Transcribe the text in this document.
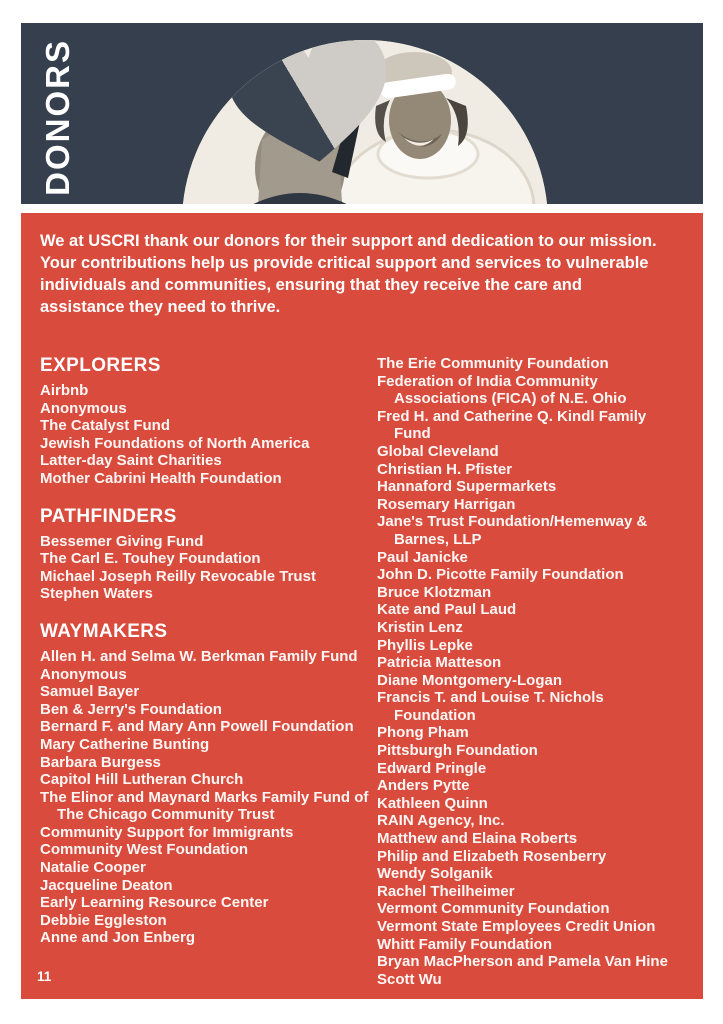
DONORS

We at USCRI thank our donors for their support and dedication to our mission. Your contributions help us provide critical support and services to vulnerable individuals and communities, ensuring that they receive the care and assistance they need to thrive.

EXPLORERS
Airbnb
Anonymous
The Catalyst Fund
Jewish Foundations of North America
Latter-day Saint Charities
Mother Cabrini Health Foundation
PATHFINDERS
Bessemer Giving Fund
The Carl E. Touhey Foundation
Michael Joseph Reilly Revocable Trust
Stephen Waters
WAYMAKERS
Allen H. and Selma W. Berkman Family Fund
Anonymous
Samuel Bayer
Ben & Jerry's Foundation
Bernard F. and Mary Ann Powell Foundation
Mary Catherine Bunting
Barbara Burgess
Capitol Hill Lutheran Church
The Elinor and Maynard Marks Family Fund of The Chicago Community Trust
Community Support for Immigrants
Community West Foundation
Natalie Cooper
Jacqueline Deaton
Early Learning Resource Center
Debbie Eggleston
Anne and Jon Enberg
The Erie Community Foundation
Federation of India Community Associations (FICA) of N.E. Ohio
Fred H. and Catherine Q. Kindl Family Fund
Global Cleveland
Christian H. Pfister
Hannaford Supermarkets
Rosemary Harrigan
Jane's Trust Foundation/Hemenway & Barnes, LLP
Paul Janicke
John D. Picotte Family Foundation
Bruce Klotzman
Kate and Paul Laud
Kristin Lenz
Phyllis Lepke
Patricia Matteson
Diane Montgomery-Logan
Francis T. and Louise T. Nichols Foundation
Phong Pham
Pittsburgh Foundation
Edward Pringle
Anders Pytte
Kathleen Quinn
RAIN Agency, Inc.
Matthew and Elaina Roberts
Philip and Elizabeth Rosenberry
Wendy Solganik
Rachel Theilheimer
Vermont Community Foundation
Vermont State Employees Credit Union
Whitt Family Foundation
Bryan MacPherson and Pamela Van Hine
Scott Wu
11
